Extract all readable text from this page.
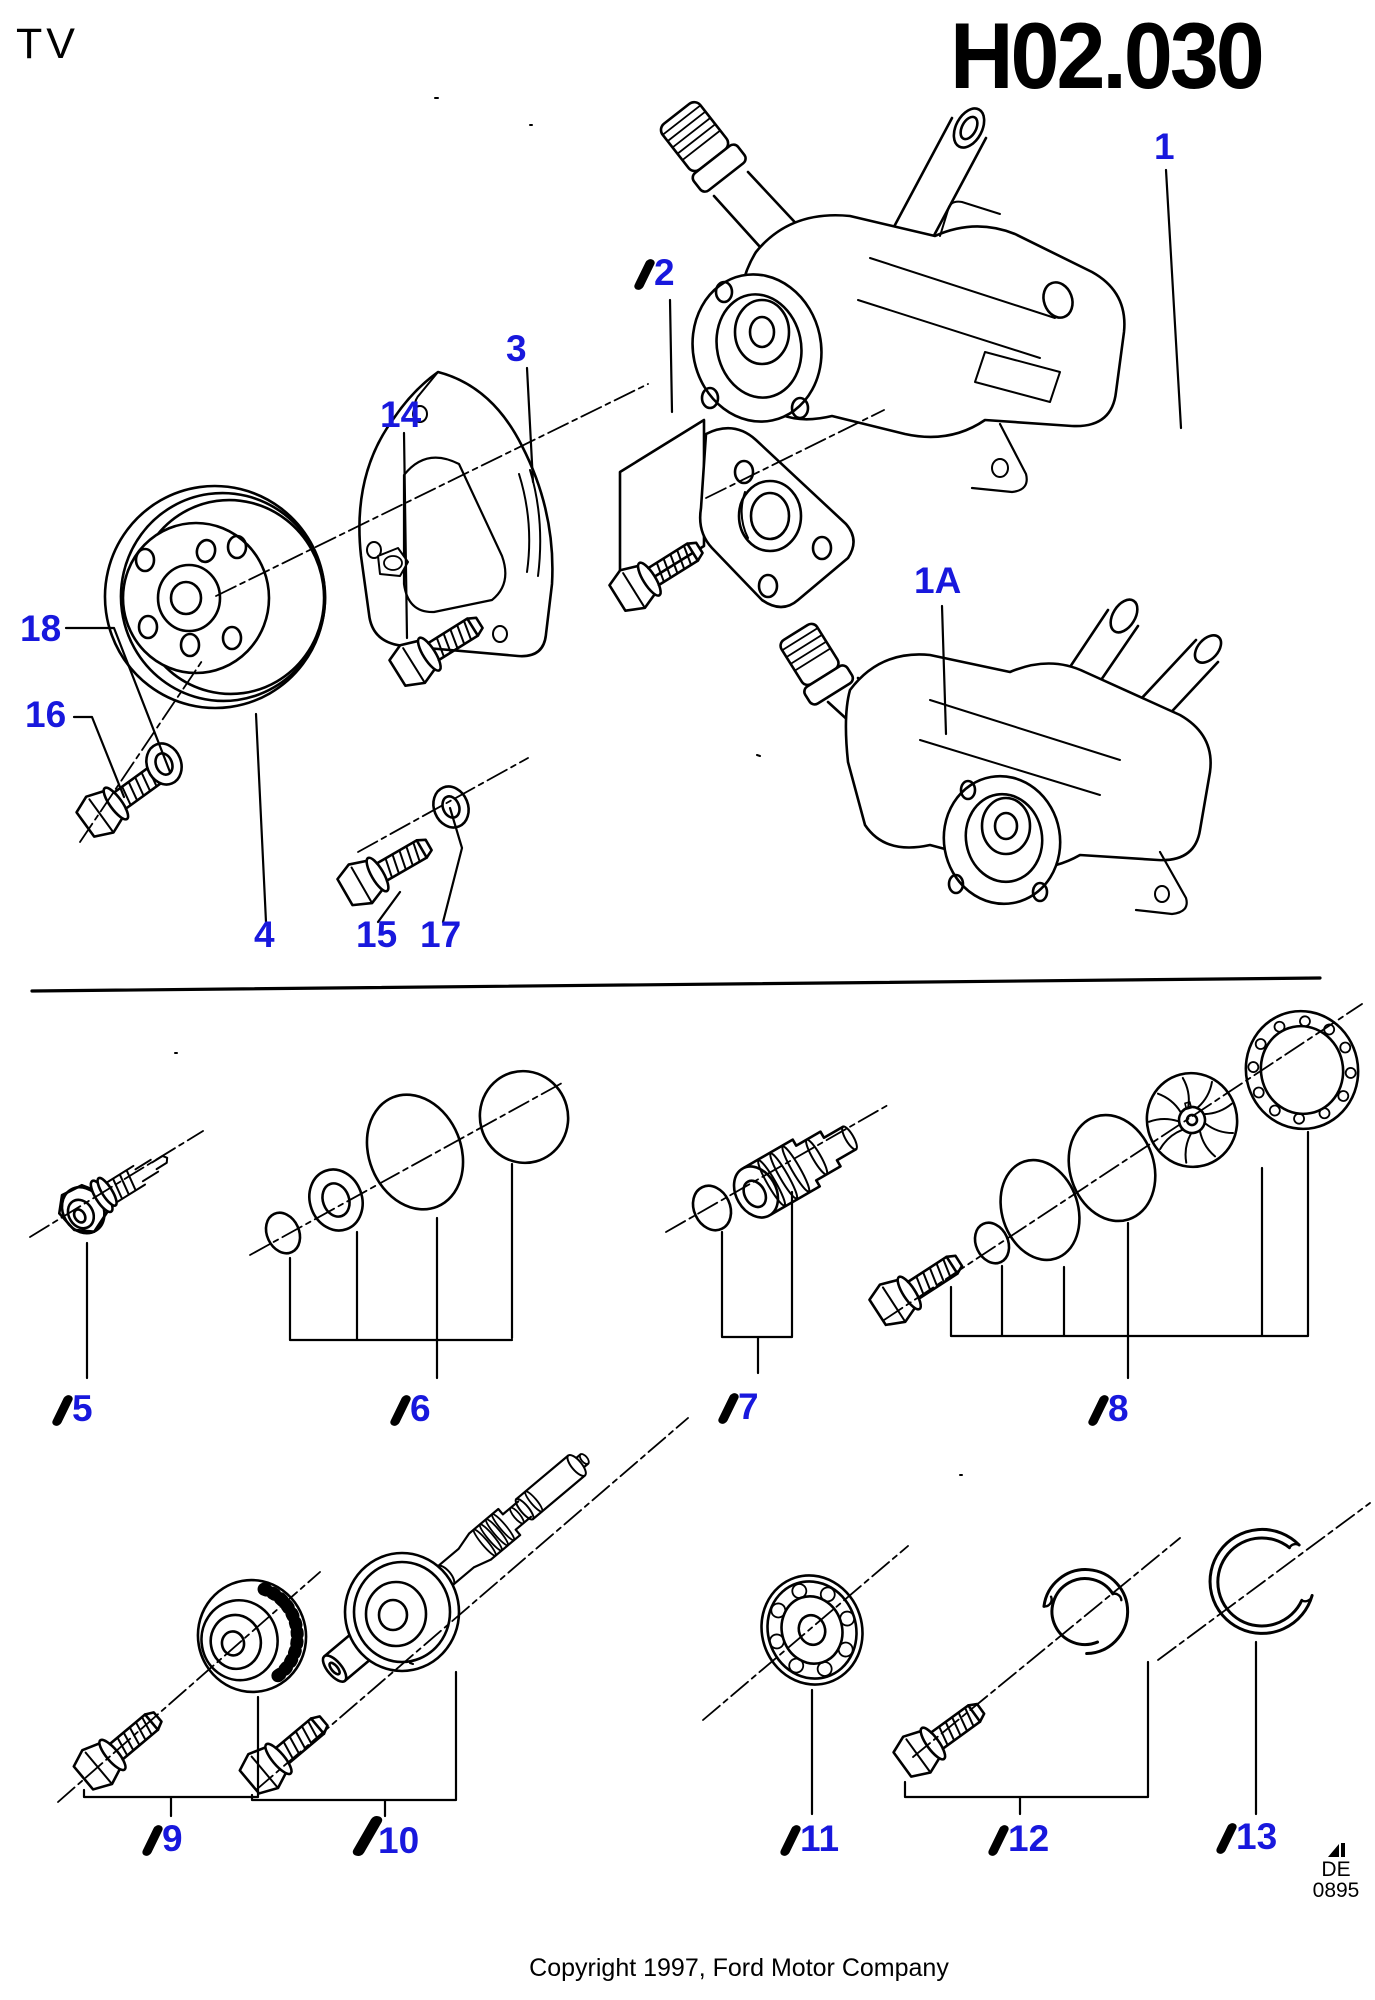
TV	H02.030
1
2
3
14
1A
18
16
4 15 17
5	6	7	8
9	10	11	12	13
DE
0895
Copyright 1997, Ford Motor Company
